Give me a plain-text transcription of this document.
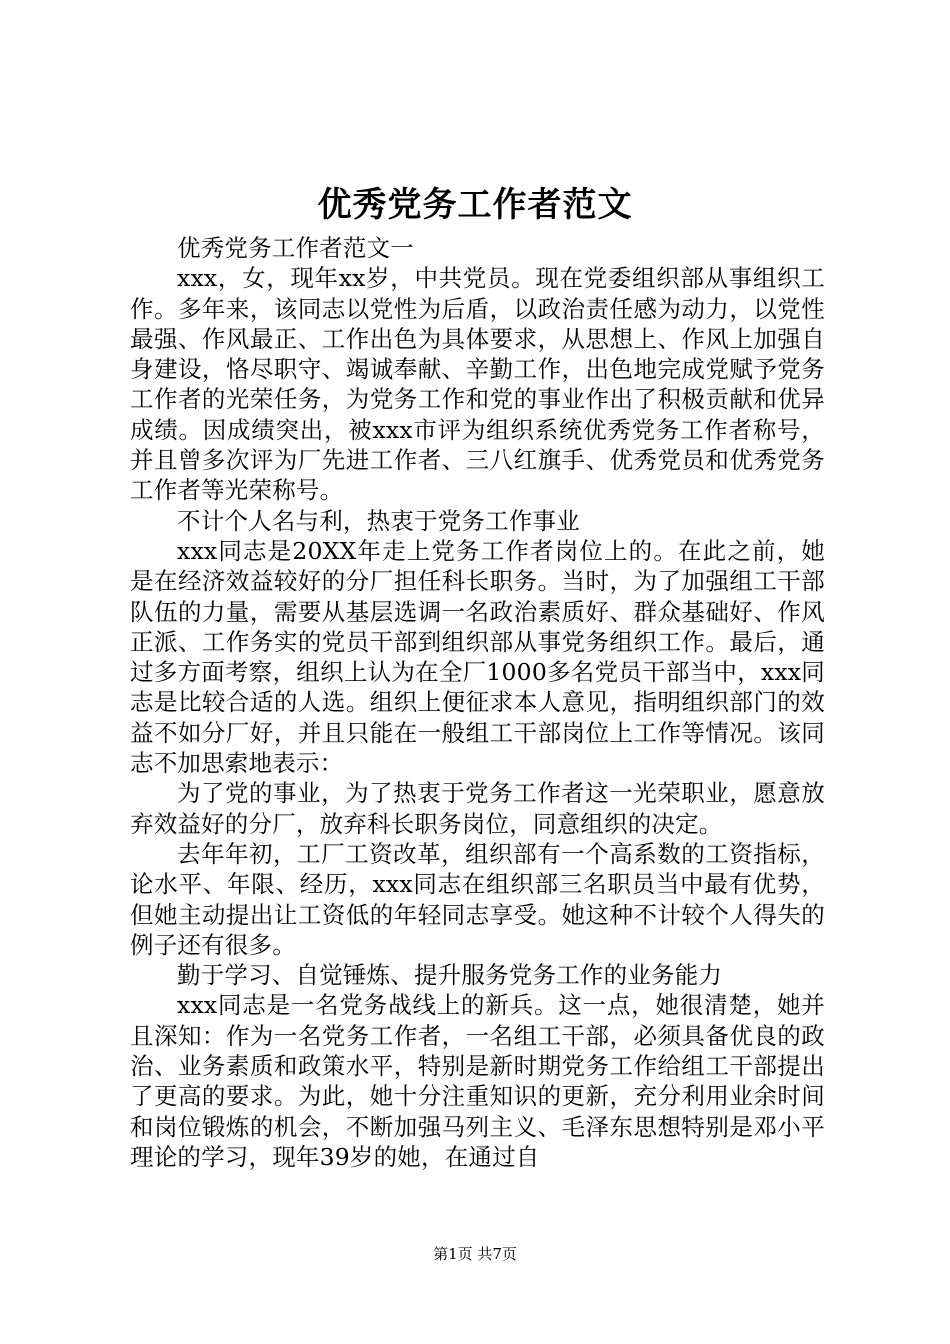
优秀党务工作者范文

优秀党务工作者范文一

xxx，女，现年xx岁，中共党员。现在党委组织部从事组织工作。多年来，该同志以党性为后盾，以政治责任感为动力，以党性最强、作风最正、工作出色为具体要求，从思想上、作风上加强自身建设，恪尽职守、竭诚奉献、辛勤工作，出色地完成党赋予党务工作者的光荣任务，为党务工作和党的事业作出了积极贡献和优异成绩。因成绩突出，被xxx市评为组织系统优秀党务工作者称号，并且曾多次评为厂先进工作者、三八红旗手、优秀党员和优秀党务工作者等光荣称号。

不计个人名与利，热衷于党务工作事业

xxx同志是20XX年走上党务工作者岗位上的。在此之前，她是在经济效益较好的分厂担任科长职务。当时，为了加强组工干部队伍的力量，需要从基层选调一名政治素质好、群众基础好、作风正派、工作务实的党员干部到组织部从事党务组织工作。最后，通过多方面考察，组织上认为在全厂1000多名党员干部当中，xxx同志是比较合适的人选。组织上便征求本人意见，指明组织部门的效益不如分厂好，并且只能在一般组工干部岗位上工作等情况。该同志不加思索地表示：

为了党的事业，为了热衷于党务工作者这一光荣职业，愿意放弃效益好的分厂，放弃科长职务岗位，同意组织的决定。

去年年初，工厂工资改革，组织部有一个高系数的工资指标，论水平、年限、经历，xxx同志在组织部三名职员当中最有优势，但她主动提出让工资低的年轻同志享受。她这种不计较个人得失的例子还有很多。

勤于学习、自觉锤炼、提升服务党务工作的业务能力

xxx同志是一名党务战线上的新兵。这一点，她很清楚，她并且深知：作为一名党务工作者，一名组工干部，必须具备优良的政治、业务素质和政策水平，特别是新时期党务工作给组工干部提出了更高的要求。为此，她十分注重知识的更新，充分利用业余时间和岗位锻炼的机会，不断加强马列主义、毛泽东思想特别是邓小平理论的学习，现年39岁的她，在通过自

第1页 共7页
